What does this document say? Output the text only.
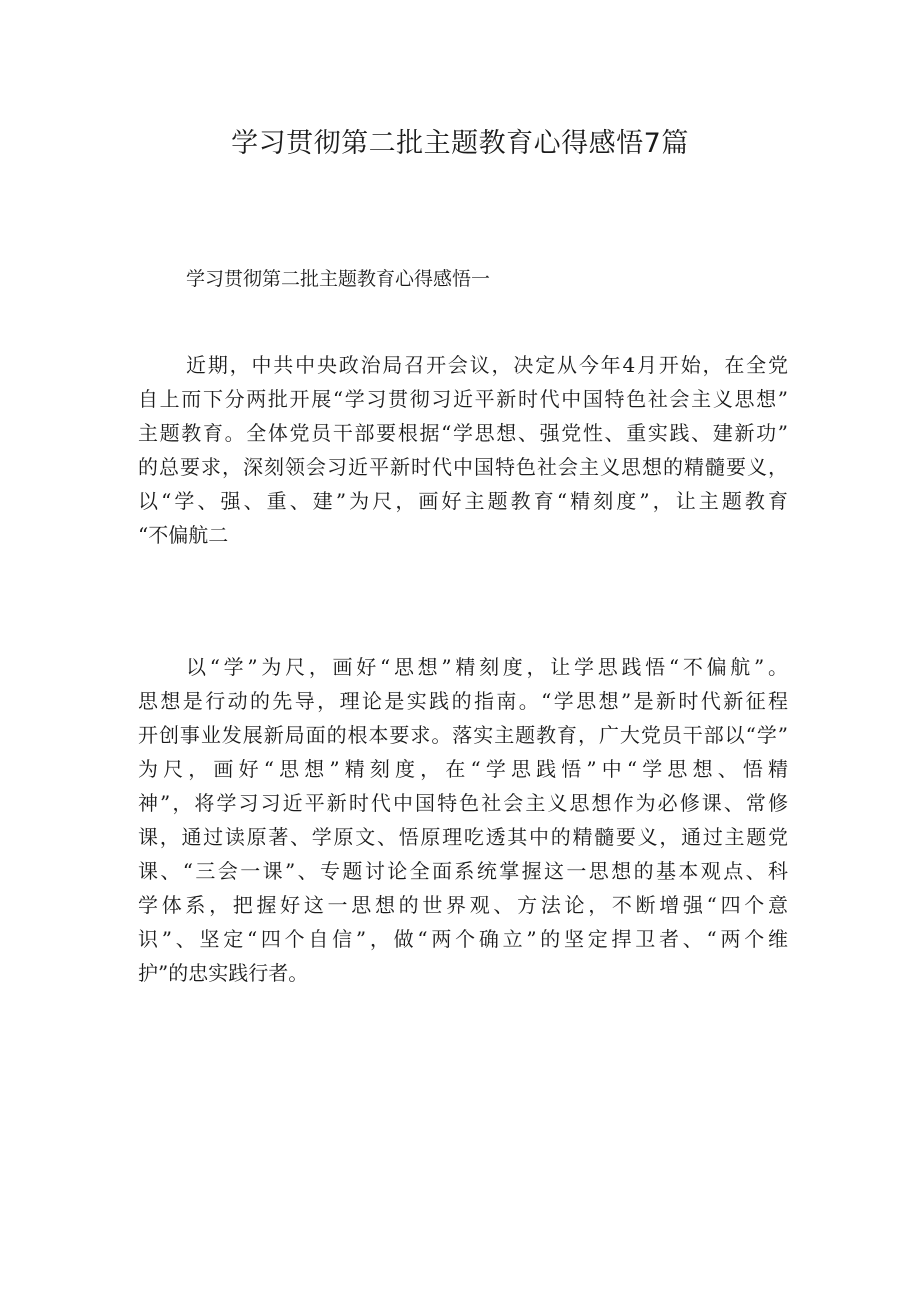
学习贯彻第二批主题教育心得感悟7篇

学习贯彻第二批主题教育心得感悟一

近期，中共中央政治局召开会议，决定从今年4月开始，在全党
自上而下分两批开展“学习贯彻习近平新时代中国特色社会主义思想”
主题教育。全体党员干部要根据“学思想、强党性、重实践、建新功”
的总要求，深刻领会习近平新时代中国特色社会主义思想的精髓要义，
以“学、强、重、建”为尺，画好主题教育“精刻度”，让主题教育
“不偏航二
以“学”为尺，画好“思想”精刻度，让学思践悟“不偏航”。
思想是行动的先导，理论是实践的指南。“学思想”是新时代新征程
开创事业发展新局面的根本要求。落实主题教育，广大党员干部以“学”
为尺，画好“思想”精刻度，在“学思践悟”中“学思想、悟精
神”，将学习习近平新时代中国特色社会主义思想作为必修课、常修
课，通过读原著、学原文、悟原理吃透其中的精髓要义，通过主题党
课、“三会一课”、专题讨论全面系统掌握这一思想的基本观点、科
学体系，把握好这一思想的世界观、方法论，不断增强“四个意
识”、坚定“四个自信”，做“两个确立”的坚定捍卫者、“两个维
护”的忠实践行者。
